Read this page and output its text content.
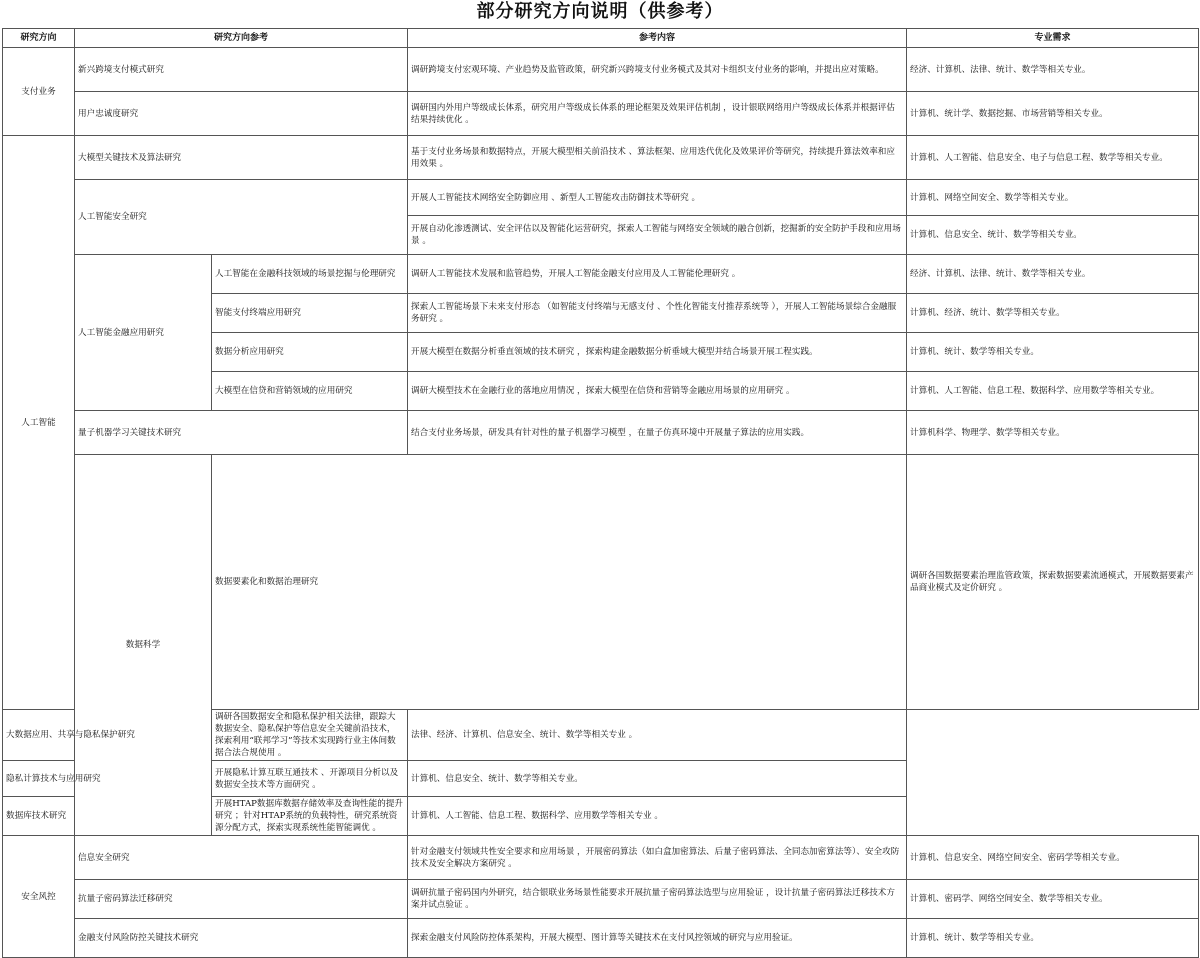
部分研究方向说明（供参考）
研究方向	研究方向参考		参考内容	专业需求	
支付业务	新兴跨境支付模式研究		调研跨境支付宏观环境、产业趋势及监管政策，研究新兴跨境支付业务模式及其对卡组织支付业务的影响，并提出应对策略。	经济、计算机、法律、统计、数学等相关专业。	
	用户忠诚度研究		调研国内外用户等级成长体系，研究用户等级成长体系的理论框架及效果评估机制 ，设计银联网络用户等级成长体系并根据评估结果持续优化 。	计算机、统计学、数据挖掘、市场营销等相关专业。	
人工智能	大模型关键技术及算法研究		基于支付业务场景和数据特点，开展大模型相关前沿技术 、算法框架、应用迭代优化及效果评价等研究，持续提升算法效率和应用效果 。	计算机、人工智能、信息安全、电子与信息工程、数学等相关专业。	
	人工智能安全研究		开展人工智能技术网络安全防御应用 、新型人工智能攻击防御技术等研究 。	计算机、网络空间安全、数学等相关专业。	
			开展自动化渗透测试、安全评估以及智能化运营研究，探索人工智能与网络安全领域的融合创新，挖掘新的安全防护手段和应用场景 。	计算机、信息安全、统计、数学等相关专业。	
	人工智能金融应用研究	人工智能在金融科技领域的场景挖掘与伦理研究	调研人工智能技术发展和监管趋势，开展人工智能金融支付应用及人工智能伦理研究 。	经济、计算机、法律、统计、数学等相关专业。	
		智能支付终端应用研究	探索人工智能场景下未来支付形态 （如智能支付终端与无感支付 、个性化智能支付推荐系统等 ），开展人工智能场景综合金融服务研究 。	计算机、经济、统计、数学等相关专业。	
		数据分析应用研究	开展大模型在数据分析垂直领域的技术研究 ，探索构建金融数据分析垂域大模型并结合场景开展工程实践。	计算机、统计、数学等相关专业。	
		大模型在信贷和营销领域的应用研究	调研大模型技术在金融行业的落地应用情况 ，探索大模型在信贷和营销等金融应用场景的应用研究 。	计算机、人工智能、信息工程、数据科学、应用数学等相关专业。	
	量子机器学习关键技术研究		结合支付业务场景，研发具有针对性的量子机器学习模型 ，在量子仿真环境中开展量子算法的应用实践。	计算机科学、物理学、数学等相关专业。	
	数据科学	数据要素化和数据治理研究		调研各国数据要素治理监管政策，探索数据要素流通模式，开展数据要素产品商业模式及定价研究 。	
大数据应用、共享与隐私保护研究		调研各国数据安全和隐私保护相关法律，跟踪大数据安全、隐私保护等信息安全关键前沿技术，探索利用“联邦学习”等技术实现跨行业主体间数据合法合规使用 。	法律、经济、计算机、信息安全、统计、数学等相关专业 。		
隐私计算技术与应用研究		开展隐私计算互联互通技术 、开源项目分析以及数据安全技术等方面研究 。	计算机、信息安全、统计、数学等相关专业。		
数据库技术研究		开展HTAP数据库数据存储效率及查询性能的提升研究 ；针对HTAP系统的负载特性，研究系统资源分配方式，探索实现系统性能智能调优 。	计算机、人工智能、信息工程、数据科学、应用数学等相关专业 。		
安全风控	信息安全研究		针对金融支付领域共性安全要求和应用场景 ，开展密码算法（如白盒加密算法、后量子密码算法、全同态加密算法等）、安全攻防技术及安全解决方案研究 。	计算机、信息安全、网络空间安全、密码学等相关专业。	
	抗量子密码算法迁移研究		调研抗量子密码国内外研究，结合银联业务场景性能要求开展抗量子密码算法选型与应用验证 ，设计抗量子密码算法迁移技术方案并试点验证 。	计算机、密码学、网络空间安全、数学等相关专业。	
	金融支付风险防控关键技术研究		探索金融支付风险防控体系架构，开展大模型、图计算等关键技术在支付风控领域的研究与应用验证。	计算机、统计、数学等相关专业。	
